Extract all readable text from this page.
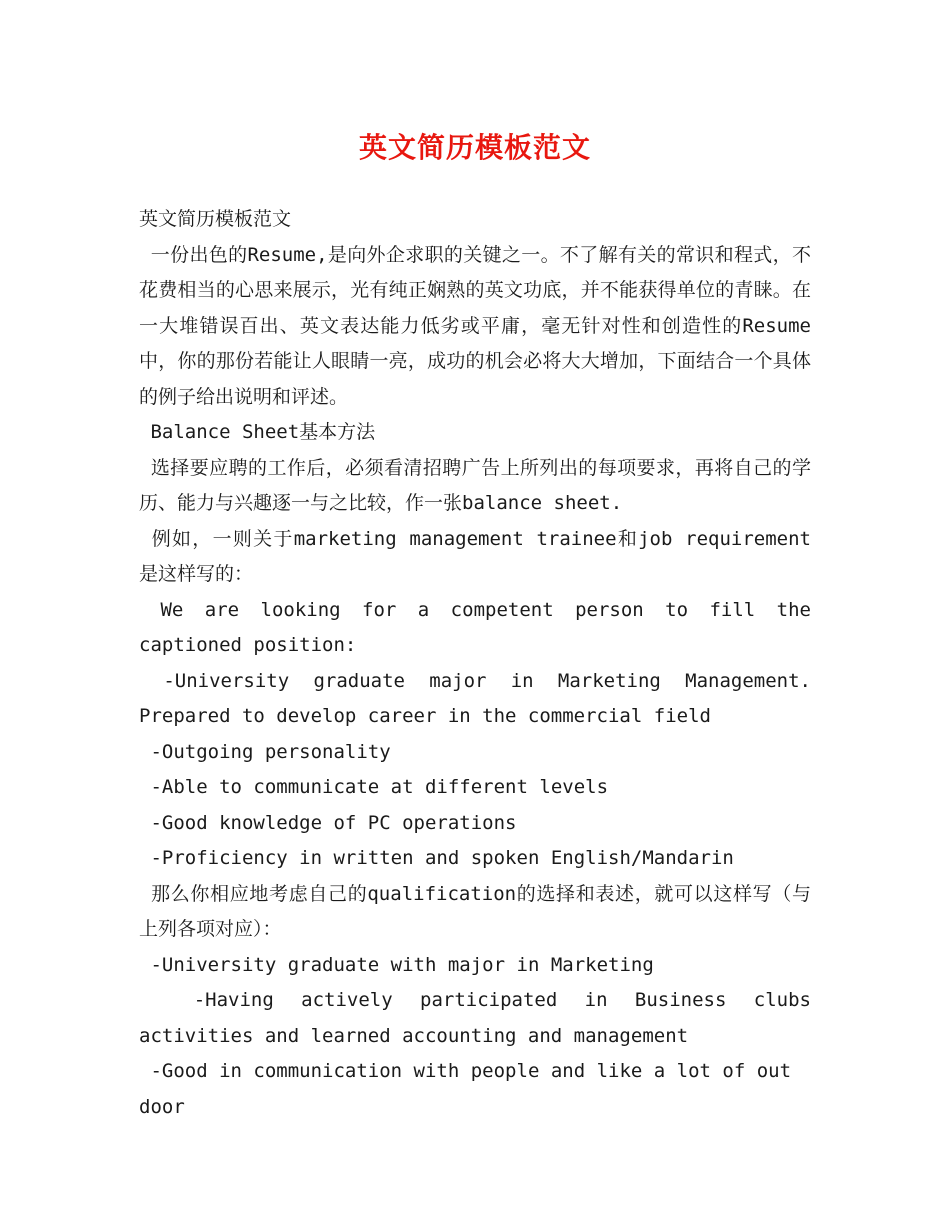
英文简历模板范文

英文简历模板范文

一份出色的Resume,是向外企求职的关键之一。不了解有关的常识和程式，不花费相当的心思来展示，光有纯正娴熟的英文功底，并不能获得单位的青睐。在一大堆错误百出、英文表达能力低劣或平庸，毫无针对性和创造性的Resume中，你的那份若能让人眼睛一亮，成功的机会必将大大增加，下面结合一个具体的例子给出说明和评述。

Balance Sheet基本方法

选择要应聘的工作后，必须看清招聘广告上所列出的每项要求，再将自己的学历、能力与兴趣逐一与之比较，作一张balance sheet.

例如，一则关于marketing management trainee和job requirement是这样写的：

We are looking for a competent person to fill the captioned position:

-University graduate major in Marketing Management. Prepared to develop career in the commercial field

-Outgoing personality

-Able to communicate at different levels

-Good knowledge of PC operations

-Proficiency in written and spoken English/Mandarin

那么你相应地考虑自己的qualification的选择和表述，就可以这样写（与上列各项对应）：

-University graduate with major in Marketing

-Having actively participated in Business clubs activities and learned accounting and management

-Good in communication with people and like a lot of out door
